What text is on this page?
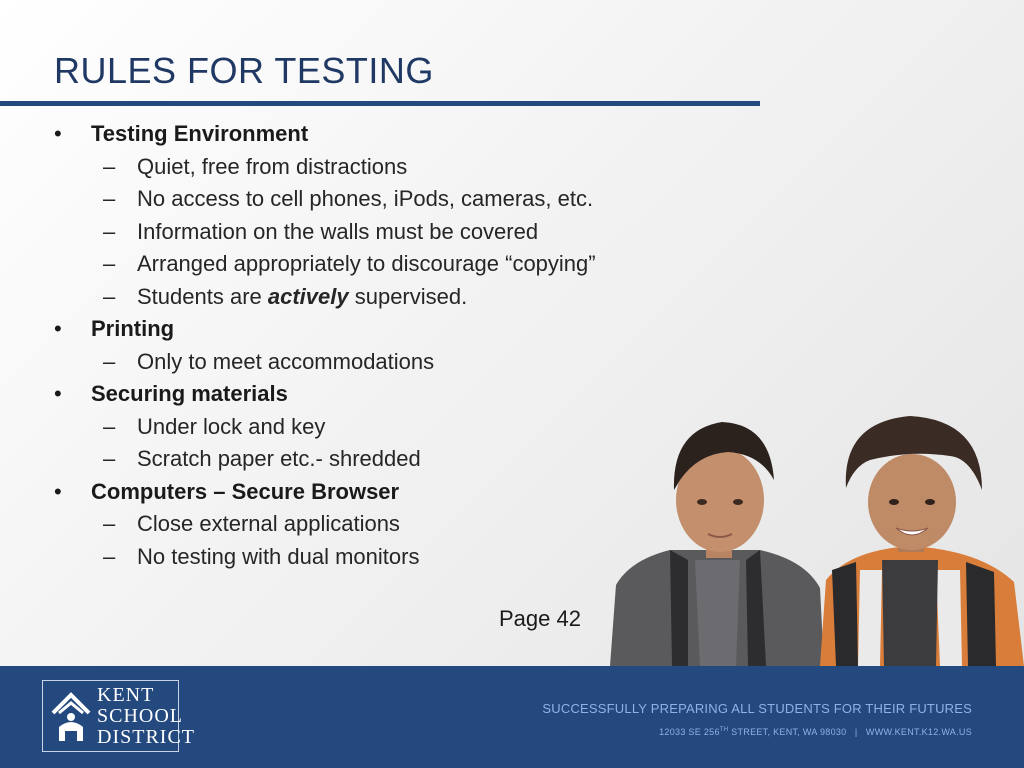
RULES FOR TESTING
• Testing Environment
– Quiet, free from distractions
– No access to cell phones, iPods, cameras, etc.
– Information on the walls must be covered
– Arranged appropriately to discourage “copying”
– Students are actively supervised.
• Printing
– Only to meet accommodations
• Securing materials
– Under lock and key
– Scratch paper etc.- shredded
• Computers – Secure Browser
– Close external applications
– No testing with dual monitors
Page 42
KENT
SCHOOL
DISTRICT
SUCCESSFULLY PREPARING ALL STUDENTS FOR THEIR FUTURES
12033 SE 256TH STREET, KENT, WA 98030   |   WWW.KENT.K12.WA.US
